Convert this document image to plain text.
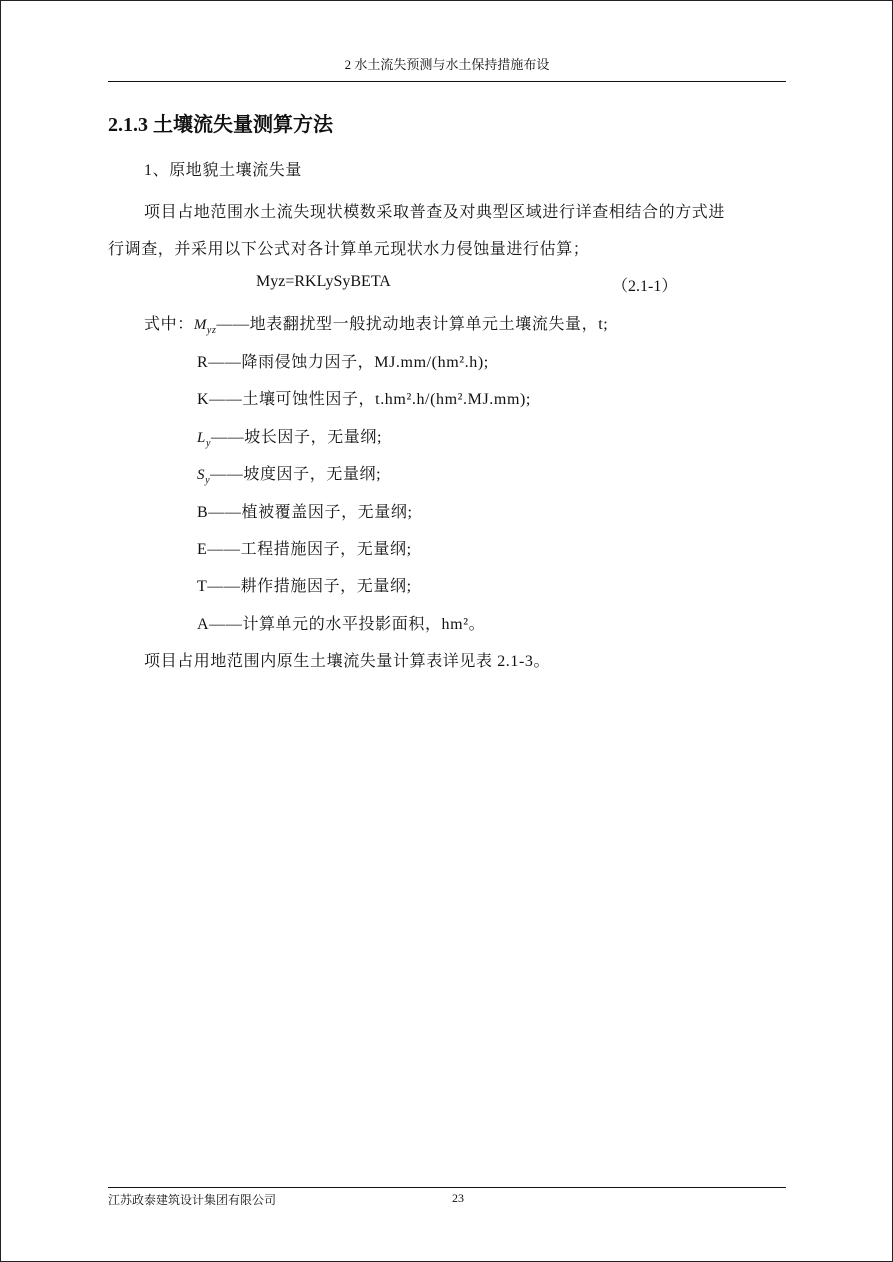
2 水土流失预测与水土保持措施布设
2.1.3 土壤流失量测算方法
1、原地貌土壤流失量
项目占地范围水土流失现状模数采取普查及对典型区域进行详查相结合的方式进
行调查，并采用以下公式对各计算单元现状水力侵蚀量进行估算；
Myz=RKLySyBETA	（2.1-1）
式中：$M_{yz}——$地表翻扰型一般扰动地表计算单元土壤流失量，t;
R——降雨侵蚀力因子，MJ.mm/(hm².h);
K——土壤可蚀性因子，t.hm².h/(hm².MJ.mm);
$L_y——$坡长因子，无量纲;
$S_y——$坡度因子，无量纲;
B——植被覆盖因子，无量纲;
E——工程措施因子，无量纲;
T——耕作措施因子，无量纲;
A——计算单元的水平投影面积，hm²。
项目占用地范围内原生土壤流失量计算表详见表 2.1-3。
江苏政泰建筑设计集团有限公司	23
